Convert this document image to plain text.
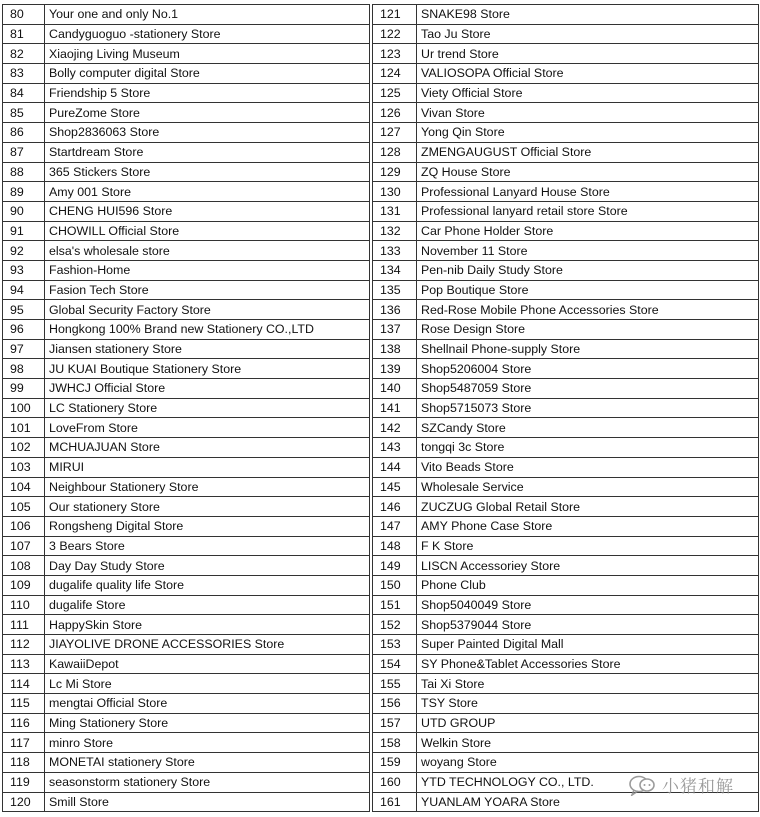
80	Your one and only No.1
81	Candyguoguo -stationery Store
82	Xiaojing Living Museum
83	Bolly computer digital Store
84	Friendship 5 Store
85	PureZome Store
86	Shop2836063 Store
87	Startdream Store
88	365 Stickers Store
89	Amy 001 Store
90	CHENG HUI596 Store
91	CHOWILL Official Store
92	elsa's wholesale store
93	Fashion-Home
94	Fasion Tech Store
95	Global Security Factory Store
96	Hongkong 100% Brand new Stationery CO.,LTD
97	Jiansen stationery Store
98	JU KUAI Boutique Stationery Store
99	JWHCJ Official Store
100	LC Stationery Store
101	LoveFrom Store
102	MCHUAJUAN Store
103	MIRUI
104	Neighbour Stationery Store
105	Our stationery Store
106	Rongsheng Digital Store
107	3 Bears Store
108	Day Day Study Store
109	dugalife quality life Store
110	dugalife Store
111	HappySkin Store
112	JIAYOLIVE DRONE ACCESSORIES Store
113	KawaiiDepot
114	Lc Mi Store
115	mengtai Official Store
116	Ming Stationery Store
117	minro Store
118	MONETAI stationery Store
119	seasonstorm stationery Store
120	Smill Store
121	SNAKE98 Store
122	Tao Ju Store
123	Ur trend Store
124	VALIOSOPA Official Store
125	Viety Official Store
126	Vivan Store
127	Yong Qin Store
128	ZMENGAUGUST Official Store
129	ZQ House Store
130	Professional Lanyard House Store
131	Professional lanyard retail store Store
132	Car Phone Holder Store
133	November 11 Store
134	Pen-nib Daily Study Store
135	Pop Boutique Store
136	Red-Rose Mobile Phone Accessories Store
137	Rose Design Store
138	Shellnail Phone-supply Store
139	Shop5206004 Store
140	Shop5487059 Store
141	Shop5715073 Store
142	SZCandy Store
143	tongqi 3c Store
144	Vito Beads Store
145	Wholesale Service
146	ZUCZUG Global Retail Store
147	AMY Phone Case Store
148	F K Store
149	LISCN Accessoriey Store
150	Phone Club
151	Shop5040049 Store
152	Shop5379044 Store
153	Super Painted Digital Mall
154	SY Phone&Tablet Accessories Store
155	Tai Xi Store
156	TSY Store
157	UTD GROUP
158	Welkin Store
159	woyang Store
160	YTD TECHNOLOGY CO., LTD.
161	YUANLAM YOARA Store
小猪和解
